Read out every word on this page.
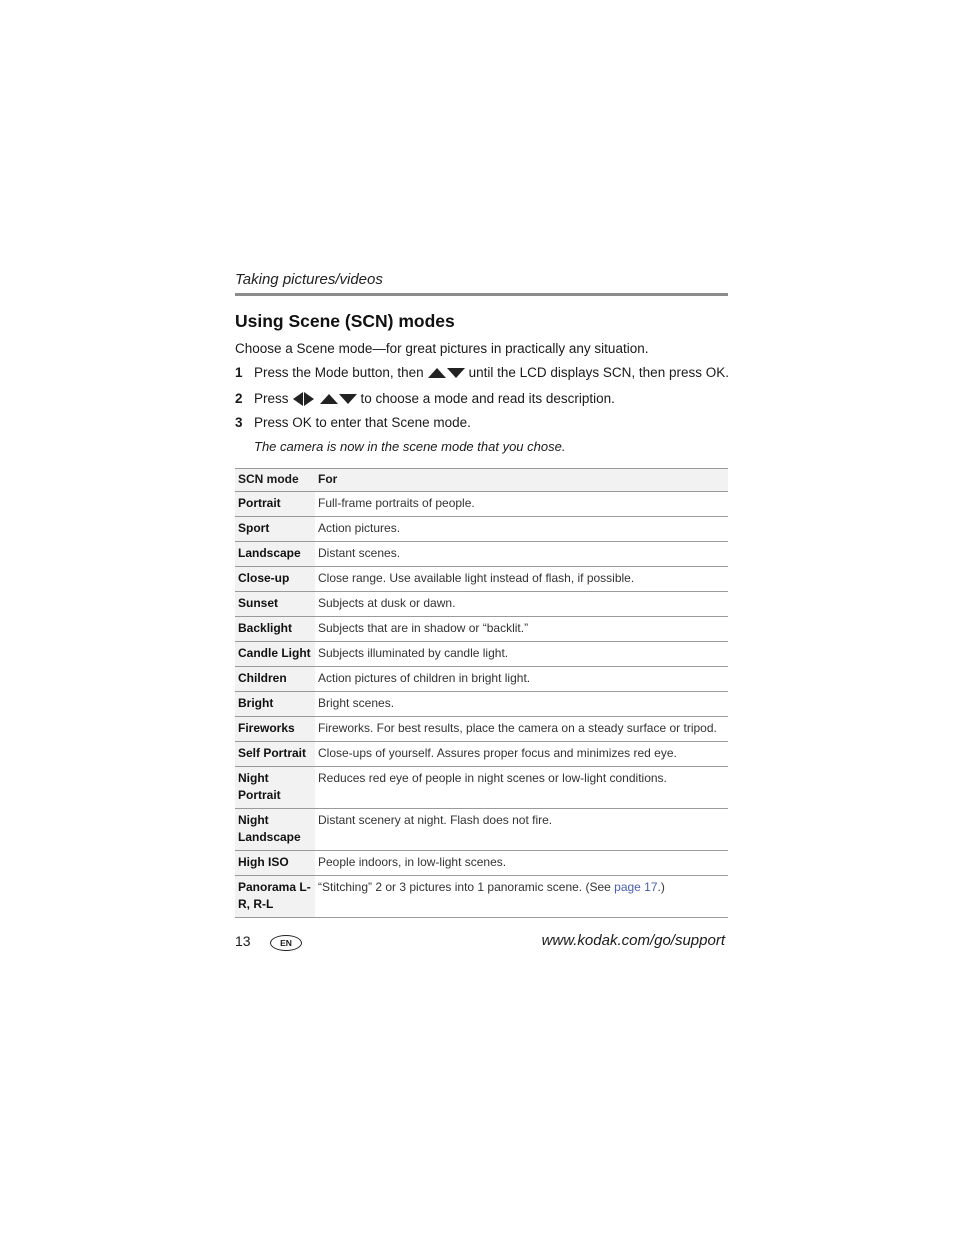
Taking pictures/videos
Using Scene (SCN) modes
Choose a Scene mode—for great pictures in practically any situation.
1 Press the Mode button, then	until the LCD displays SCN, then press OK.
2 Press	to choose a mode and read its description.
3 Press OK to enter that Scene mode.
The camera is now in the scene mode that you chose.
SCN mode	For
Portrait	Full-frame portraits of people.
Sport	Action pictures.
Landscape	Distant scenes.
Close-up	Close range. Use available light instead of flash, if possible.
Sunset	Subjects at dusk or dawn.
Backlight	Subjects that are in shadow or “backlit.”
Candle Light	Subjects illuminated by candle light.
Children	Action pictures of children in bright light.
Bright	Bright scenes.
Fireworks	Fireworks. For best results, place the camera on a steady surface or tripod.
Self Portrait	Close-ups of yourself. Assures proper focus and minimizes red eye.
Night Portrait	Reduces red eye of people in night scenes or low-light conditions.
Night Landscape	Distant scenery at night. Flash does not fire.
High ISO	People indoors, in low-light scenes.
Panorama L-R, R-L	“Stitching” 2 or 3 pictures into 1 panoramic scene. (See page 17.)
13	EN	www.kodak.com/go/support
